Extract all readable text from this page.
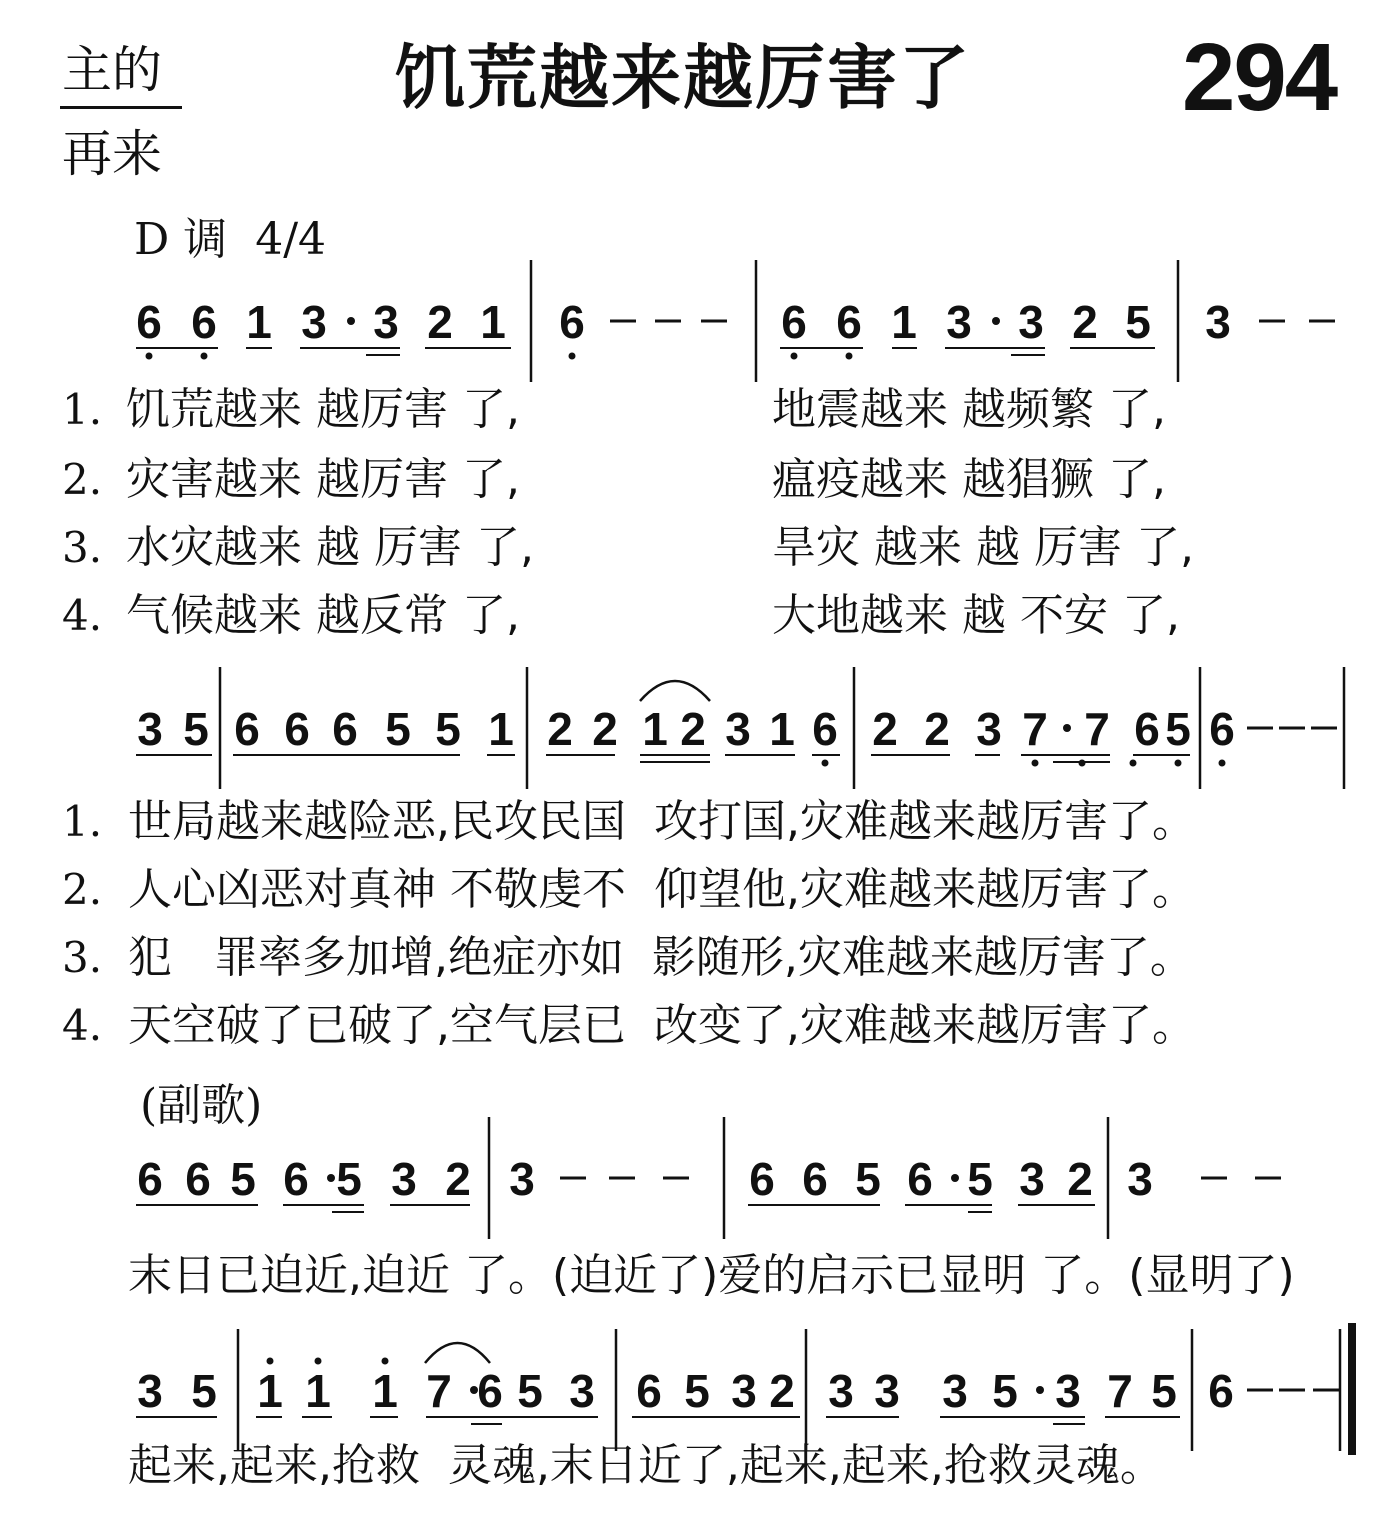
主的
再来
饥荒越来越厉害了 294
D 调  4/4
6 6 1 3 3 2 1 6	6 6 1 3 3 2 5 3
3 5 6 6 6 5 5 1 2 2 1 2 3 1 6 2 2 3 7 7 6 5 6
6 6 5 6 5 3 2 3	6 6 5 6 5 3 2 3
3 5 1 1 1 7 6 5 3 6 5 3 2 3 3 3 5 3 7 5 6
1. 饥荒越来 越厉害 了,	地震越来 越频繁 了,
2. 灾害越来 越厉害 了,	瘟疫越来 越猖獗 了,
3. 水灾越来 越 厉害 了,	旱灾 越来 越 厉害 了,
4. 气候越来 越反常 了,	大地越来 越 不安 了,
1. 世局越来越险恶,民攻民国  攻打国,灾难越来越厉害了。
2. 人心凶恶对真神 不敬虔不  仰望他,灾难越来越厉害了。
3. 犯   罪率多加增,绝症亦如  影随形,灾难越来越厉害了。
4. 天空破了已破了,空气层已  改变了,灾难越来越厉害了。
(副歌)
末日已迫近,迫近 了。(迫近了)爱的启示已显明 了。(显明了)
起来,起来,抢救  灵魂,末日近了,起来,起来,抢救灵魂。
